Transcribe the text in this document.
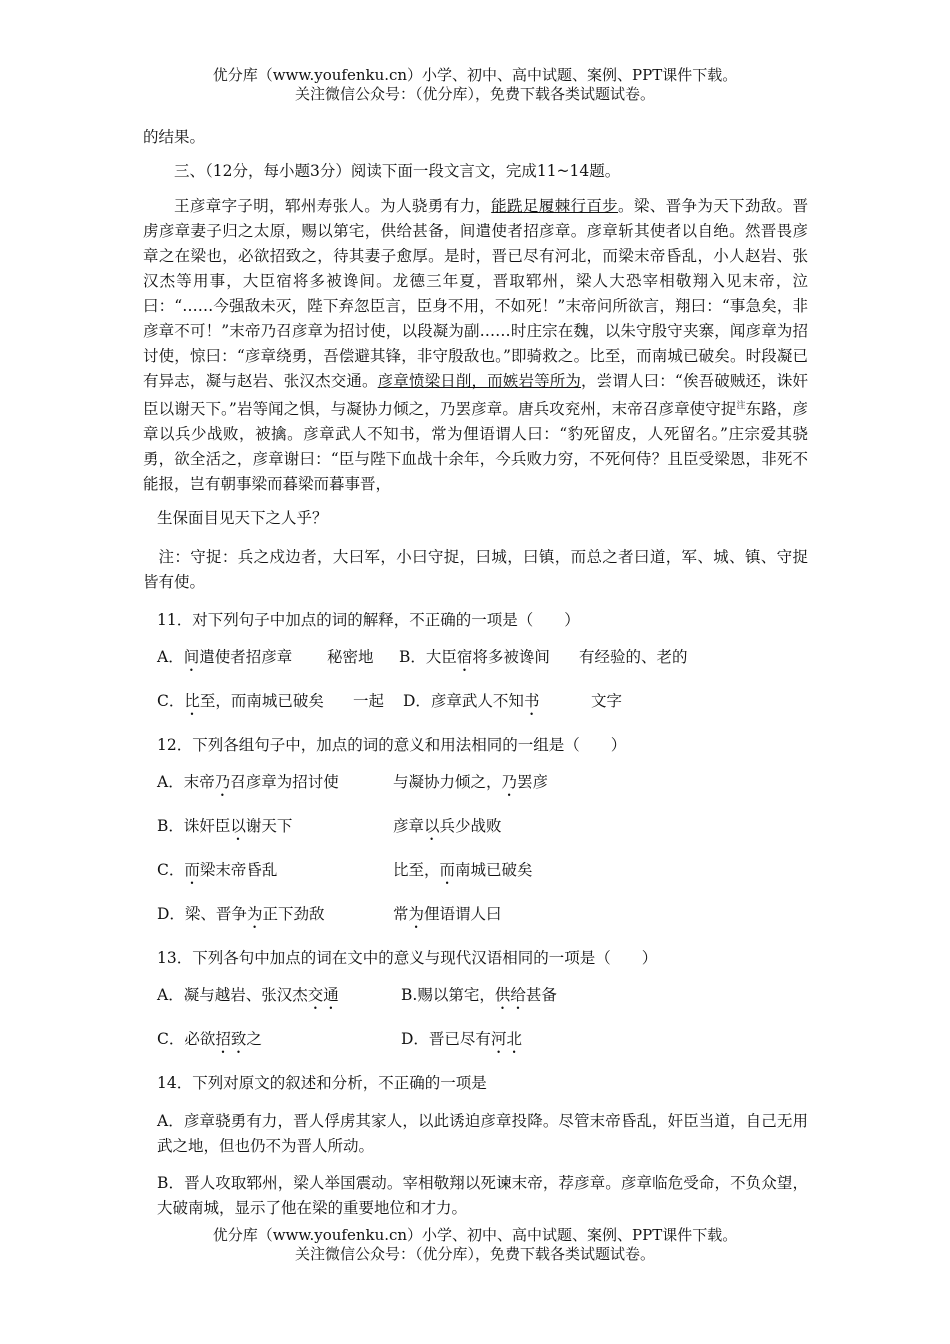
优分库（www.youfenku.cn）小学、初中、高中试题、案例、PPT课件下载。
关注微信公众号：（优分库），免费下载各类试题试卷。

的结果。

三、（12分，每小题3分）阅读下面一段文言文，完成11~14题。

王彦章字子明，郓州寿张人。为人骁勇有力，能跣足履棘行百步。梁、晋争为天下劲敌。晋虏彦章妻子归之太原，赐以第宅，供给甚备，间遣使者招彦章。彦章斩其使者以自绝。然晋畏彦章之在梁也，必欲招致之，待其妻子愈厚。是时，晋已尽有河北，而梁末帝昏乱，小人赵岩、张汉杰等用事，大臣宿将多被谗间。龙德三年夏，晋取郓州，梁人大恐宰相敬翔入见末帝，泣曰：“……今强敌未灭，陛下弃忽臣言，臣身不用，不如死！”末帝问所欲言，翔曰：“事急矣，非彦章不可！”末帝乃召彦章为招讨使，以段凝为副……时庄宗在魏，以朱守殷守夹寨，闻彦章为招讨使，惊曰：“彦章绕勇，吾偿避其锋，非守殷敌也。”即骑救之。比至，而南城已破矣。时段凝已有异志，凝与赵岩、张汉杰交通。彦章愤梁日削，而嫉岩等所为，尝谓人曰：“俟吾破贼还，诛奸臣以谢天下。”岩等闻之惧，与凝协力倾之，乃罢彦章。唐兵攻兖州，末帝召彦章使守捉$^注$东路，彦章以兵少战败，被擒。彦章武人不知书，常为俚语谓人曰：“豹死留皮，人死留名。”庄宗爱其骁勇，欲全活之，彦章谢曰：“臣与陛下血战十余年，今兵败力穷，不死何侍？且臣受梁恩，非死不能报，岂有朝事梁而暮梁而暮事晋，

生保面目见天下之人乎？

注：守捉：兵之戍边者，大曰军，小曰守捉，曰城，曰镇，而总之者曰道，军、城、镇、守捉皆有使。

11．对下列句子中加点的词的解释，不正确的一项是（　　）

A．间遣使者招彦章 秘密地 B．大臣宿将多被谗间 有经验的、老的

C．比至，而南城已破矣 一起 D．彦章武人不知书	文字

12．下列各组句子中，加点的词的意义和用法相同的一组是（　　）

A．末帝乃召彦章为招讨使	与凝协力倾之，乃罢彦

B．诛奸臣以谢天下	彦章以兵少战败

C．而梁末帝昏乱	比至，而南城已破矣

D．梁、晋争为正下劲敌	常为俚语谓人曰

13．下列各句中加点的词在文中的意义与现代汉语相同的一项是（　　）

A．凝与越岩、张汉杰交通	B.赐以第宅，供给甚备

C．必欲招致之	D．晋已尽有河北

14．下列对原文的叙述和分析，不正确的一项是

A．彦章骁勇有力，晋人俘虏其家人，以此诱迫彦章投降。尽管末帝昏乱，奸臣当道，自己无用武之地，但也仍不为晋人所动。

B．晋人攻取郓州，梁人举国震动。宰相敬翔以死谏末帝，荐彦章。彦章临危受命，不负众望，大破南城，显示了他在梁的重要地位和才力。

优分库（www.youfenku.cn）小学、初中、高中试题、案例、PPT课件下载。
关注微信公众号：（优分库），免费下载各类试题试卷。
